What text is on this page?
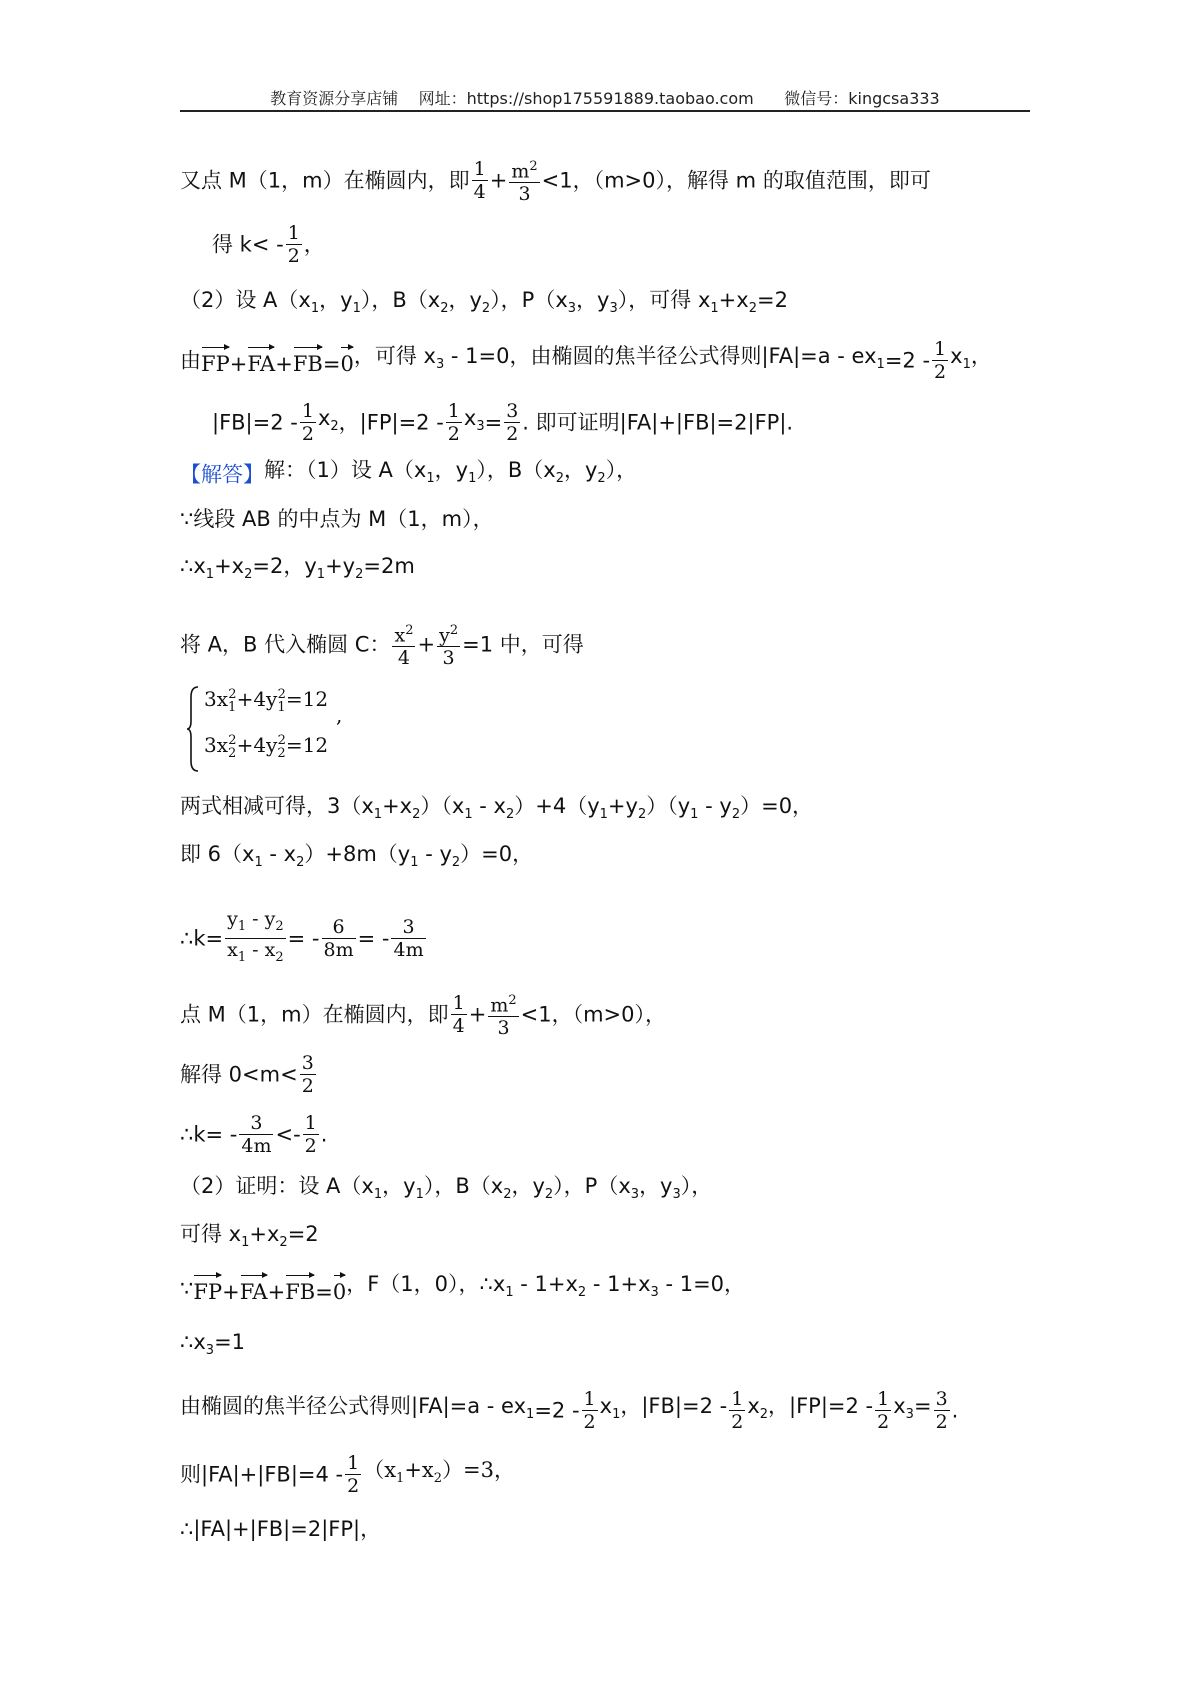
教育资源分享店铺 网址：https://shop175591889.taobao.com 微信号：kingcsa333
又点 M（1，m）在椭圆内，即 $\frac{1}{4} + \frac{m^2}{3} <1$，（m>0），解得 m 的取值范围，即可
得 $k< - \frac{1}{2}$ ，
（2）设 $A(x_1$，$y_1$），$B(x_2$，$y_2$），$P(x_3$，$y_3$），可得 $x_1+x_2=2$
由FP+FA+FB=0，可得 $x_3 - 1=0$，由椭圆的焦半径公式得则$|FA|=a - ex_1=2 - \frac{1}{2} x_1$，
$|FB|=2 - \frac{1}{2} x_2$，$|FP|=2 - \frac{1}{2} x_3= \frac{3}{2}$ . 即可证明|FA|+|FB|=2|FP|.
【解答】解：（1）设 $A(x_1$，$y_1$），$B(x_2$，$y_2$），
∵线段 AB 的中点为 M（1，m），
$\therefore x_1+x_2=2$，$y_1+y_2=2m$
将 A，B 代入椭圆 C： $\frac{x^2}{4} + \frac{y^2}{3} =1$ 中，可得
$3x_1^2+4y_1^2=12$
$3x_2^2+4y_2^2=12$
,
两式相减可得，$3(x_1+x_2)(x_1 - x_2)+4(y_1+y_2)(y_1 - y_2)=0$，
即 $6(x_1 - x_2)+8m(y_1 - y_2)=0$，
∴k= $\frac{y_1 - y_2}{x_1 - x_2}$ = - $\frac{6}{8m}$ = - $\frac{3}{4m}$
点 M（1，m）在椭圆内，即 $\frac{1}{4} + \frac{m^2}{3} <1$，（m>0），
解得 $0<m< \frac{3}{2}$
∴k= - $\frac{3}{4m} <- \frac{1}{2}$ .
（2）证明：设 $A(x_1$，$y_1$），$B(x_2$，$y_2$），$P(x_3$，$y_3$），
可得 $x_1+x_2=2$
∵FP+FA+FB=0，F（1，0），$\therefore x_1 - 1+x_2 - 1+x_3 - 1=0$，
$\therefore x_3=1$
由椭圆的焦半径公式得则$|FA|=a - ex_1=2 - \frac{1}{2} x_1$，$|FB|=2 - \frac{1}{2} x_2$，$|FP|=2 - \frac{1}{2} x_3= \frac{3}{2}$ .
则$|FA|+|FB|=4 - \frac{1}{2} (x_1+x_2)=3$，
∴|FA|+|FB|=2|FP|，
